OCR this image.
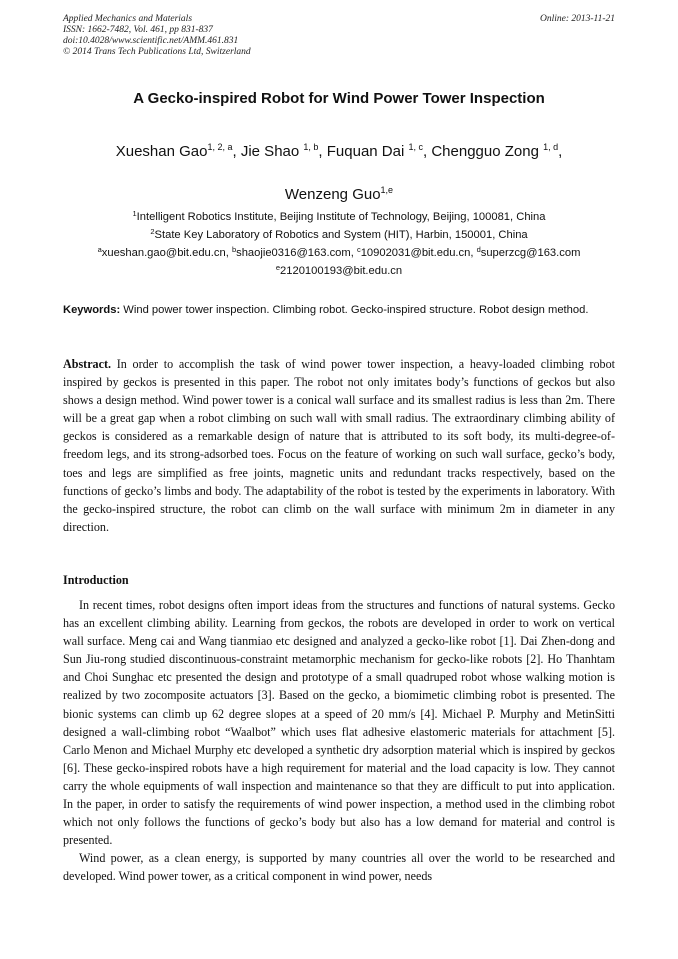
Applied Mechanics and Materials
ISSN: 1662-7482, Vol. 461, pp 831-837
doi:10.4028/www.scientific.net/AMM.461.831
© 2014 Trans Tech Publications Ltd, Switzerland
Online: 2013-11-21
A Gecko-inspired Robot for Wind Power Tower Inspection
Xueshan Gao$^{1, 2, a}$, Jie Shao $^{1, b}$, Fuquan Dai $^{1, c}$, Chengguo Zong $^{1, d}$,
Wenzeng Guo$^{1,e}$
$^1$Intelligent Robotics Institute, Beijing Institute of Technology, Beijing, 100081, China
$^2$State Key Laboratory of Robotics and System (HIT), Harbin, 150001, China
$^a$xueshan.gao@bit.edu.cn, $^b$shaojie0316@163.com, $^c$10902031@bit.edu.cn, $^d$superzcg@163.com
$^e$2120100193@bit.edu.cn
Keywords: Wind power tower inspection. Climbing robot. Gecko-inspired structure. Robot design method.
Abstract. In order to accomplish the task of wind power tower inspection, a heavy-loaded climbing robot inspired by geckos is presented in this paper. The robot not only imitates body’s functions of geckos but also shows a design method. Wind power tower is a conical wall surface and its smallest radius is less than 2m. There will be a great gap when a robot climbing on such wall with small radius. The extraordinary climbing ability of geckos is considered as a remarkable design of nature that is attributed to its soft body, its multi-degree-of-freedom legs, and its strong-adsorbed toes. Focus on the feature of working on such wall surface, gecko’s body, toes and legs are simplified as free joints, magnetic units and redundant tracks respectively, based on the functions of gecko’s limbs and body. The adaptability of the robot is tested by the experiments in laboratory. With the gecko-inspired structure, the robot can climb on the wall surface with minimum 2m in diameter in any direction.
Introduction

In recent times, robot designs often import ideas from the structures and functions of natural systems. Gecko has an excellent climbing ability. Learning from geckos, the robots are developed in order to work on vertical wall surface. Meng cai and Wang tianmiao etc designed and analyzed a gecko-like robot [1]. Dai Zhen-dong and Sun Jiu-rong studied discontinuous-constraint metamorphic mechanism for gecko-like robots [2]. Ho Thanhtam and Choi Sunghac etc presented the design and prototype of a small quadruped robot whose walking motion is realized by two zocomposite actuators [3]. Based on the gecko, a biomimetic climbing robot is presented. The bionic systems can climb up 62 degree slopes at a speed of 20 mm/s [4]. Michael P. Murphy and MetinSitti designed a wall-climbing robot “Waalbot” which uses flat adhesive elastomeric materials for attachment [5]. Carlo Menon and Michael Murphy etc developed a synthetic dry adsorption material which is inspired by geckos [6]. These gecko-inspired robots have a high requirement for material and the load capacity is low. They cannot carry the whole equipments of wall inspection and maintenance so that they are difficult to put into application. In the paper, in order to satisfy the requirements of wind power inspection, a method used in the climbing robot which not only follows the functions of gecko’s body but also has a low demand for material and control is presented.

Wind power, as a clean energy, is supported by many countries all over the world to be researched and developed. Wind power tower, as a critical component in wind power, needs
